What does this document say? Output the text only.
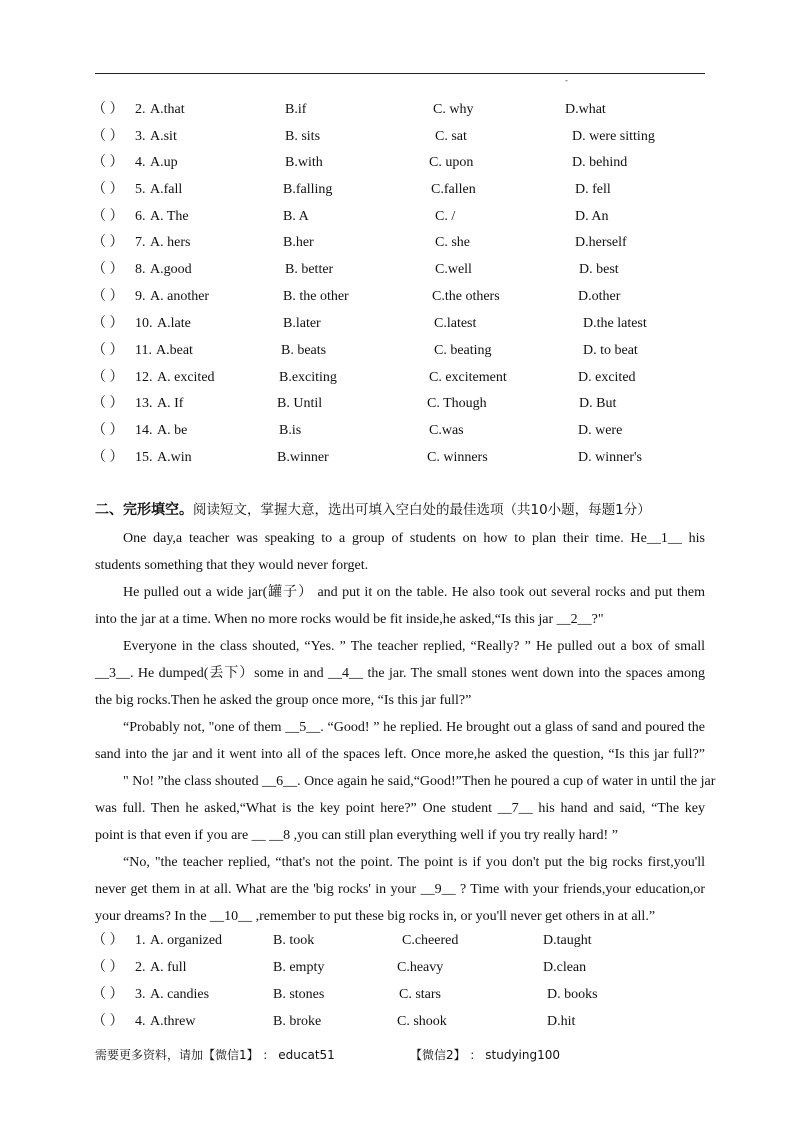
-
（ ） 2. A.that	B.if	C. why	D.what
（ ） 3. A.sit	B. sits	C. sat	D. were sitting
（ ） 4. A.up	B.with	C. upon	D. behind
（ ） 5. A.fall	B.falling	C.fallen	D. fell
（ ） 6. A. The	B. A	C. /	D. An
（ ） 7. A. hers	B.her	C. she	D.herself
（ ） 8. A.good	B. better	C.well	D. best
（ ） 9. A. another	B. the other	C.the others	D.other
（ ） 10. A.late	B.later	C.latest	D.the latest
（ ） 11. A.beat	B. beats	C. beating	D. to beat
（ ） 12. A. excited	B.exciting	C. excitement	D. excited
（ ） 13. A. If	B. Until	C. Though	D. But
（ ） 14. A. be	B.is	C.was	D. were
（ ） 15. A.win	B.winner	C. winners	D. winner's
二、完形填空。阅读短文，掌握大意，选出可填入空白处的最佳选项（共10小题，每题1分）
One day,a teacher was speaking to a group of students on how to plan their time. He__1__ his
students something that they would never forget.
He pulled out a wide jar(罐子） and put it on the table. He also took out several rocks and put them
into the jar at a time. When no more rocks would be fit inside,he asked,“Is this jar __2__?"
Everyone in the class shouted, “Yes. ” The teacher replied, “Really? ” He pulled out a box of small
__3__. He dumped(丢下）some in and __4__ the jar. The small stones went down into the spaces among
the big rocks.Then he asked the group once more, “Is this jar full?”
“Probably not, "one of them __5__. “Good! ” he replied. He brought out a glass of sand and poured the
sand into the jar and it went into all of the spaces left. Once more,he asked the question, “Is this jar full?”
" No! ”the class shouted __6__. Once again he said,“Good!”Then he poured a cup of water in until the jar
was full. Then he asked,“What is the key point here?” One student __7__ his hand and said, “The key
point is that even if you are __ __8 ,you can still plan everything well if you try really hard! ”
“No, "the teacher replied, “that's not the point. The point is if you don't put the big rocks first,you'll
never get them in at all. What are the 'big rocks' in your __9__ ? Time with your friends,your education,or
your dreams? In the __10__ ,remember to put these big rocks in, or you'll never get others in at all.”
（ ） 1. A. organized	B. took	C.cheered	D.taught
（ ） 2. A. full	B. empty	C.heavy	D.clean
（ ） 3. A. candies	B. stones	C. stars	D. books
（ ） 4. A.threw	B. broke	C. shook	D.hit
需要更多资料，请加【微信1】 ： educat51	【微信2】 ： studying100
